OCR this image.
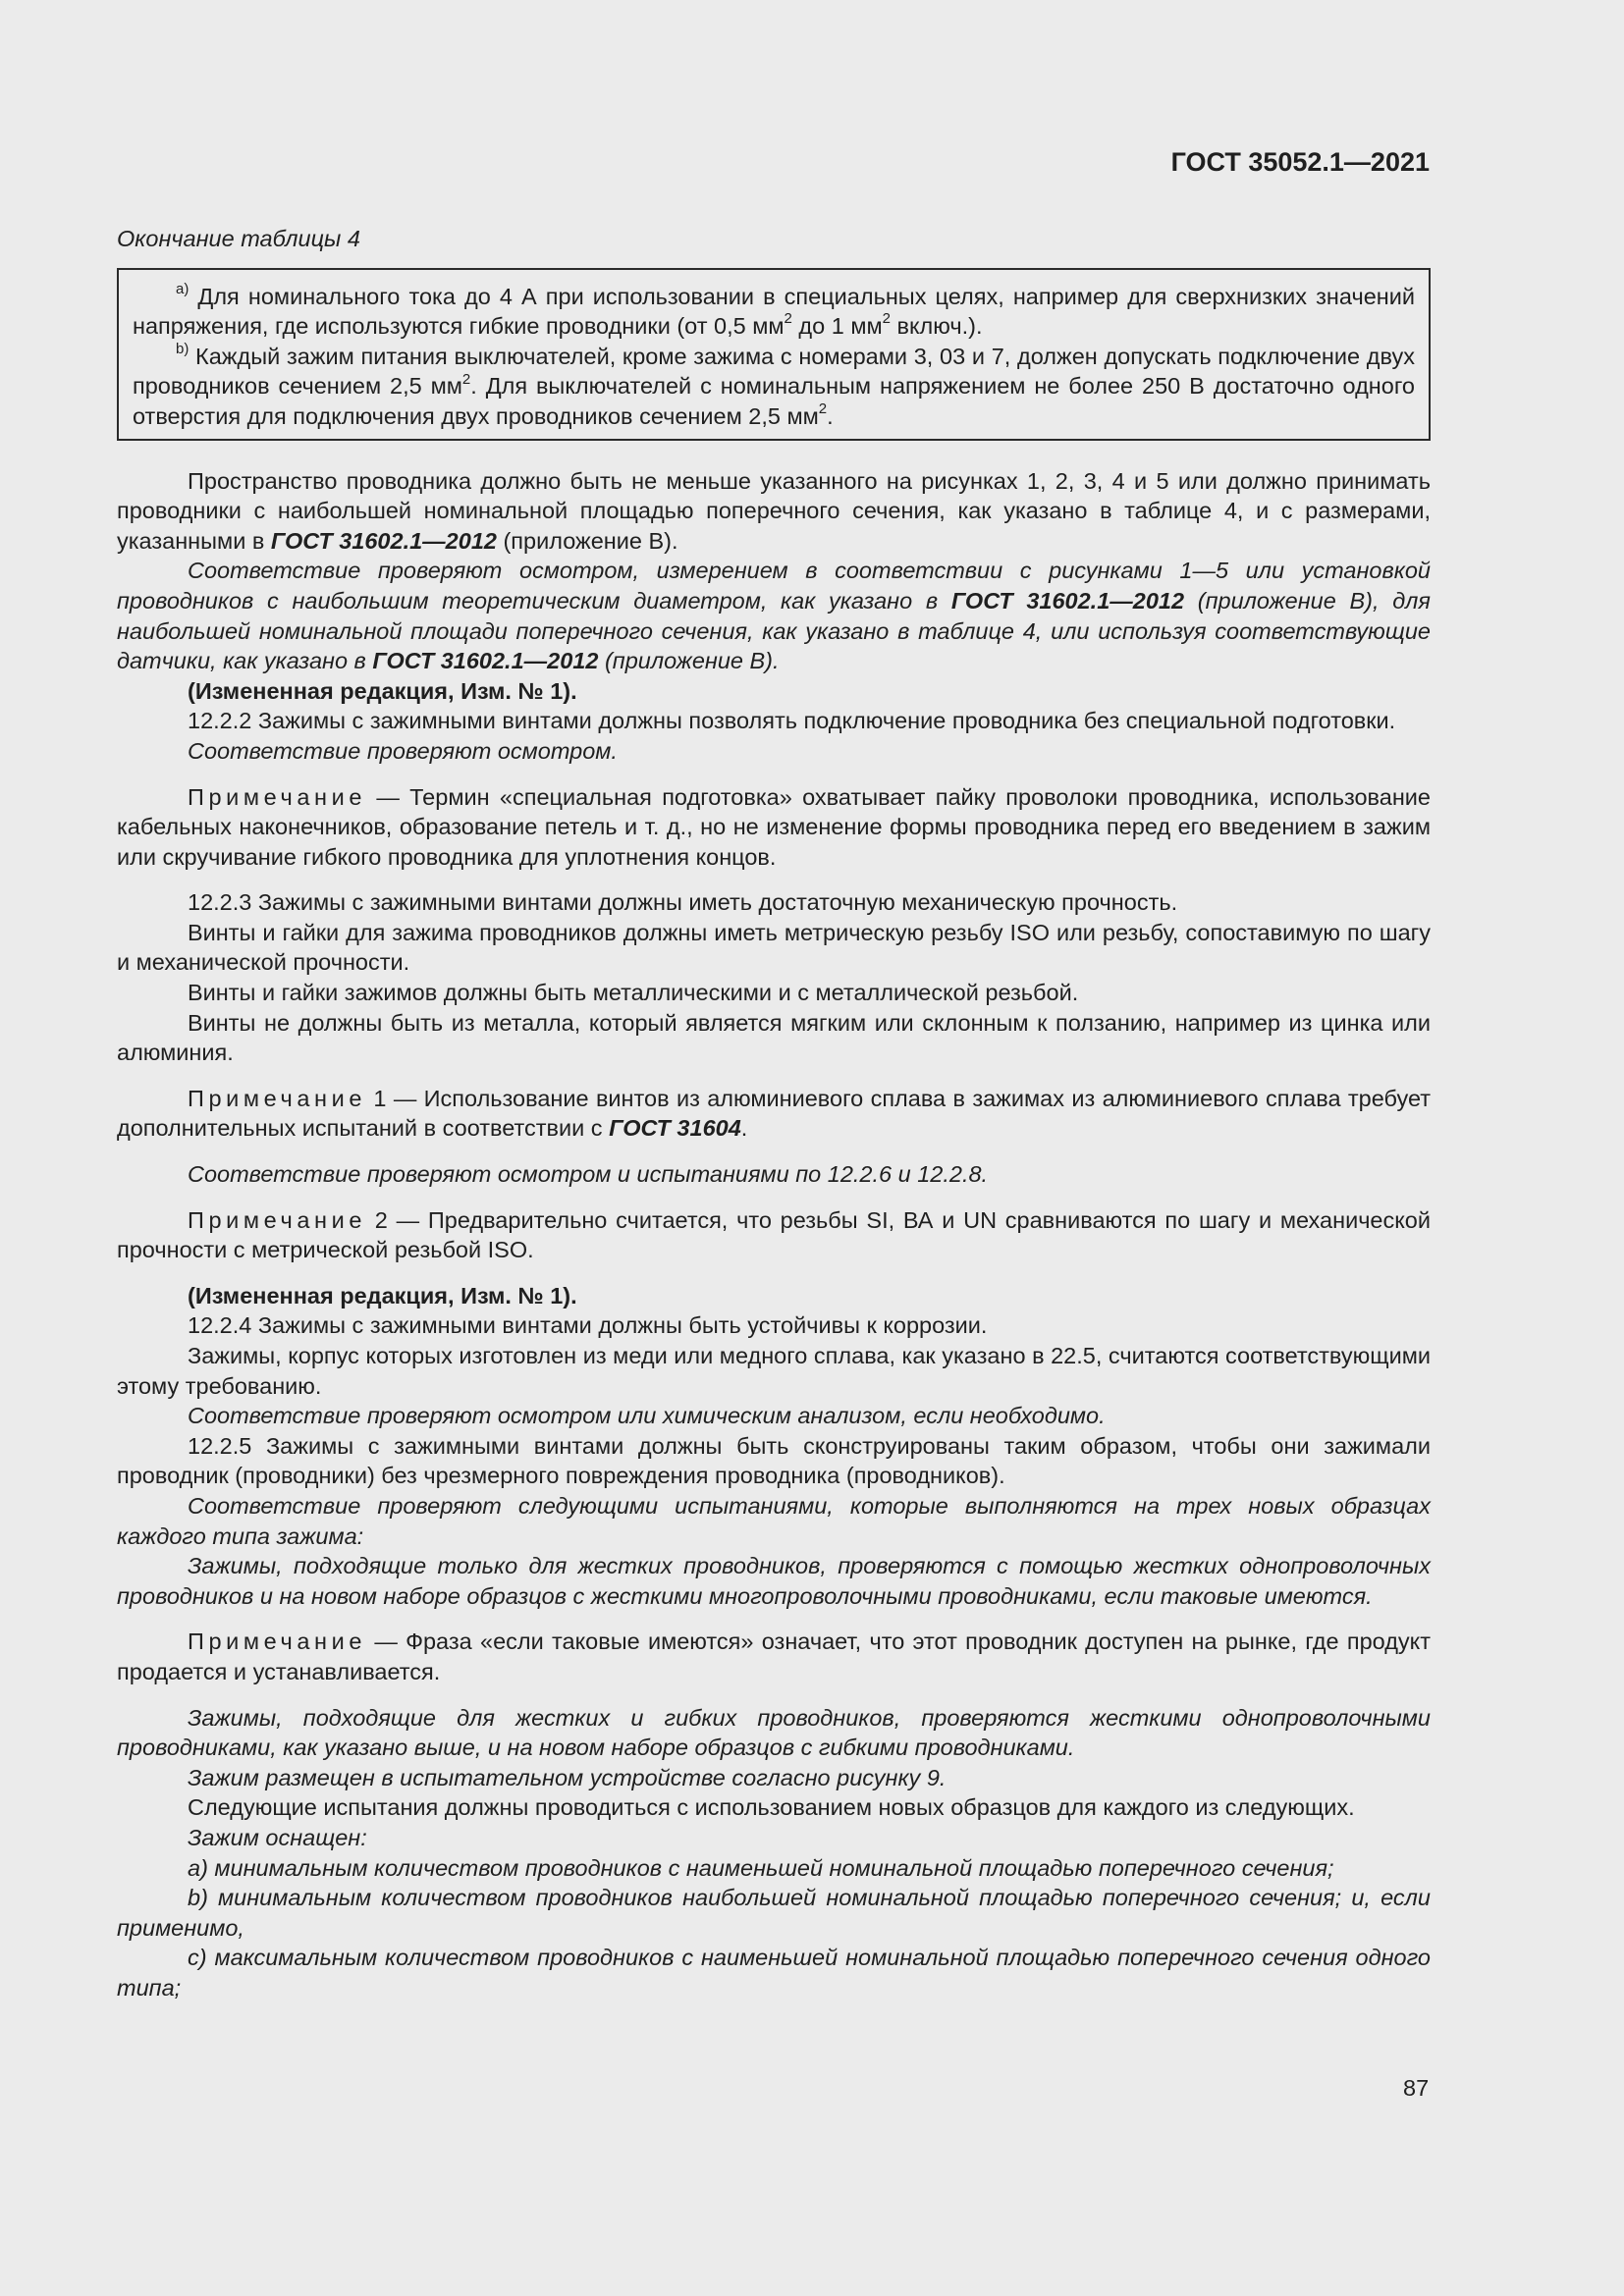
ГОСТ 35052.1—2021
Окончание таблицы 4

$^{a)}$ Для номинального тока до 4 А при использовании в специальных целях, например для сверхнизких значений напряжения, где используются гибкие проводники (от 0,5 $мм^2$ до 1 $мм^2$ включ.).

$^{b)}$ Каждый зажим питания выключателей, кроме зажима с номерами 3, 03 и 7, должен допускать подключение двух проводников сечением 2,5 $мм^2$. Для выключателей с номинальным напряжением не более 250 В достаточно одного отверстия для подключения двух проводников сечением 2,5 $мм^2$.

Пространство проводника должно быть не меньше указанного на рисунках 1, 2, 3, 4 и 5 или должно принимать проводники с наибольшей номинальной площадью поперечного сечения, как указано в таблице 4, и с размерами, указанными в ГОСТ 31602.1—2012 (приложение В).

Соответствие проверяют осмотром, измерением в соответствии с рисунками 1—5 или установкой проводников с наибольшим теоретическим диаметром, как указано в ГОСТ 31602.1—2012 (приложение В), для наибольшей номинальной площади поперечного сечения, как указано в таблице 4, или используя соответствующие датчики, как указано в ГОСТ 31602.1—2012 (приложение В).

(Измененная редакция, Изм. № 1).

12.2.2 Зажимы с зажимными винтами должны позволять подключение проводника без специальной подготовки.

Соответствие проверяют осмотром.

Примечание — Термин «специальная подготовка» охватывает пайку проволоки проводника, использование кабельных наконечников, образование петель и т. д., но не изменение формы проводника перед его введением в зажим или скручивание гибкого проводника для уплотнения концов.

12.2.3 Зажимы с зажимными винтами должны иметь достаточную механическую прочность.

Винты и гайки для зажима проводников должны иметь метрическую резьбу ISO или резьбу, сопоставимую по шагу и механической прочности.

Винты и гайки зажимов должны быть металлическими и с металлической резьбой.

Винты не должны быть из металла, который является мягким или склонным к ползанию, например из цинка или алюминия.

Примечание 1 — Использование винтов из алюминиевого сплава в зажимах из алюминиевого сплава требует дополнительных испытаний в соответствии с ГОСТ 31604.

Соответствие проверяют осмотром и испытаниями по 12.2.6 и 12.2.8.

Примечание 2 — Предварительно считается, что резьбы SI, ВА и UN сравниваются по шагу и механической прочности с метрической резьбой ISO.

(Измененная редакция, Изм. № 1).

12.2.4 Зажимы с зажимными винтами должны быть устойчивы к коррозии.

Зажимы, корпус которых изготовлен из меди или медного сплава, как указано в 22.5, считаются соответствующими этому требованию.

Соответствие проверяют осмотром или химическим анализом, если необходимо.

12.2.5 Зажимы с зажимными винтами должны быть сконструированы таким образом, чтобы они зажимали проводник (проводники) без чрезмерного повреждения проводника (проводников).

Соответствие проверяют следующими испытаниями, которые выполняются на трех новых образцах каждого типа зажима:

Зажимы, подходящие только для жестких проводников, проверяются с помощью жестких однопроволочных проводников и на новом наборе образцов с жесткими многопроволочными проводниками, если таковые имеются.

Примечание — Фраза «если таковые имеются» означает, что этот проводник доступен на рынке, где продукт продается и устанавливается.

Зажимы, подходящие для жестких и гибких проводников, проверяются жесткими однопроволочными проводниками, как указано выше, и на новом наборе образцов с гибкими проводниками.

Зажим размещен в испытательном устройстве согласно рисунку 9.

Следующие испытания должны проводиться с использованием новых образцов для каждого из следующих.

Зажим оснащен:

a) минимальным количеством проводников с наименьшей номинальной площадью поперечного сечения;

b) минимальным количеством проводников наибольшей номинальной площадью поперечного сечения; и, если применимо,

c) максимальным количеством проводников с наименьшей номинальной площадью поперечного сечения одного типа;

87
